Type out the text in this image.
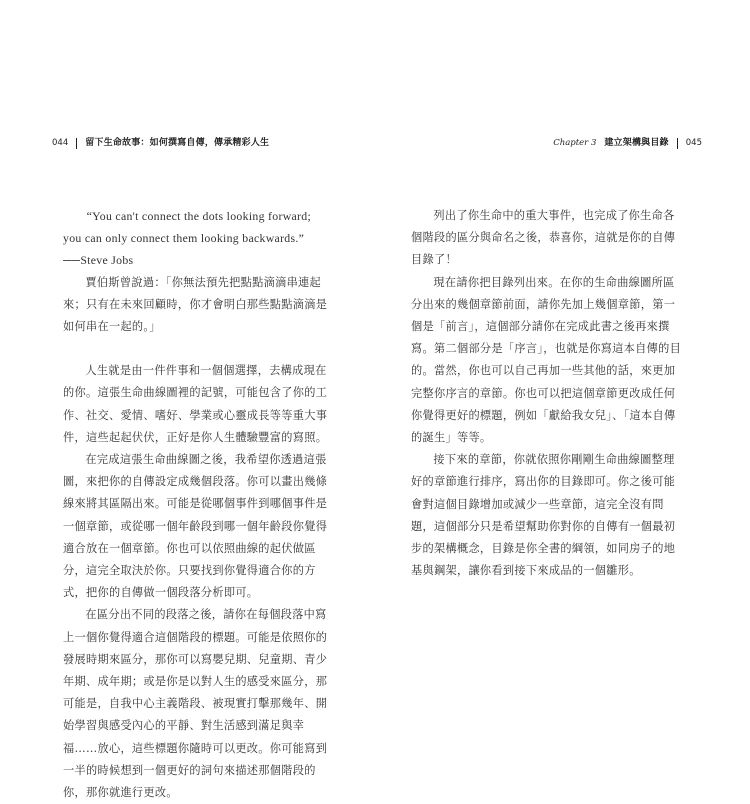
044 留下生命故事：如何撰寫自傳，傳承精彩人生	Chapter 3 建立架構與目錄 045

“You can't connect the dots looking forward; you can only connect them looking backwards.” ──Steve Jobs

賈伯斯曾說過：「你無法預先把點點滴滴串連起來；只有在未來回顧時，你才會明白那些點點滴滴是如何串在一起的。」

人生就是由一件件事和一個個選擇，去構成現在的你。這張生命曲線圖裡的記號，可能包含了你的工作、社交、愛情、嗜好、學業或心靈成長等等重大事件，這些起起伏伏，正好是你人生體驗豐富的寫照。

在完成這張生命曲線圖之後，我希望你透過這張圖，來把你的自傳設定成幾個段落。你可以畫出幾條線來將其區隔出來。可能是從哪個事件到哪個事件是一個章節，或從哪一個年齡段到哪一個年齡段你覺得適合放在一個章節。你也可以依照曲線的起伏做區分，這完全取決於你。只要找到你覺得適合你的方式，把你的自傳做一個段落分析即可。

在區分出不同的段落之後，請你在每個段落中寫上一個你覺得適合這個階段的標題。可能是依照你的發展時期來區分，那你可以寫嬰兒期、兒童期、青少年期、成年期；或是你是以對人生的感受來區分，那可能是，自我中心主義階段、被現實打擊那幾年、開始學習與感受內心的平靜、對生活感到滿足與幸福……放心，這些標題你隨時可以更改。你可能寫到一半的時候想到一個更好的詞句來描述那個階段的你，那你就進行更改。

列出了你生命中的重大事件，也完成了你生命各個階段的區分與命名之後，恭喜你，這就是你的自傳目錄了！

現在請你把目錄列出來。在你的生命曲線圖所區分出來的幾個章節前面，請你先加上幾個章節，第一個是「前言」，這個部分請你在完成此書之後再來撰寫。第二個部分是「序言」，也就是你寫這本自傳的目的。當然，你也可以自己再加一些其他的話，來更加完整你序言的章節。你也可以把這個章節更改成任何你覺得更好的標題，例如「獻給我女兒」、「這本自傳的誕生」等等。

接下來的章節，你就依照你剛剛生命曲線圖整理好的章節進行排序，寫出你的目錄即可。你之後可能會對這個目錄增加或減少一些章節，這完全沒有問題，這個部分只是希望幫助你對你的自傳有一個最初步的架構概念，目錄是你全書的綱領，如同房子的地基與鋼架，讓你看到接下來成品的一個雛形。
